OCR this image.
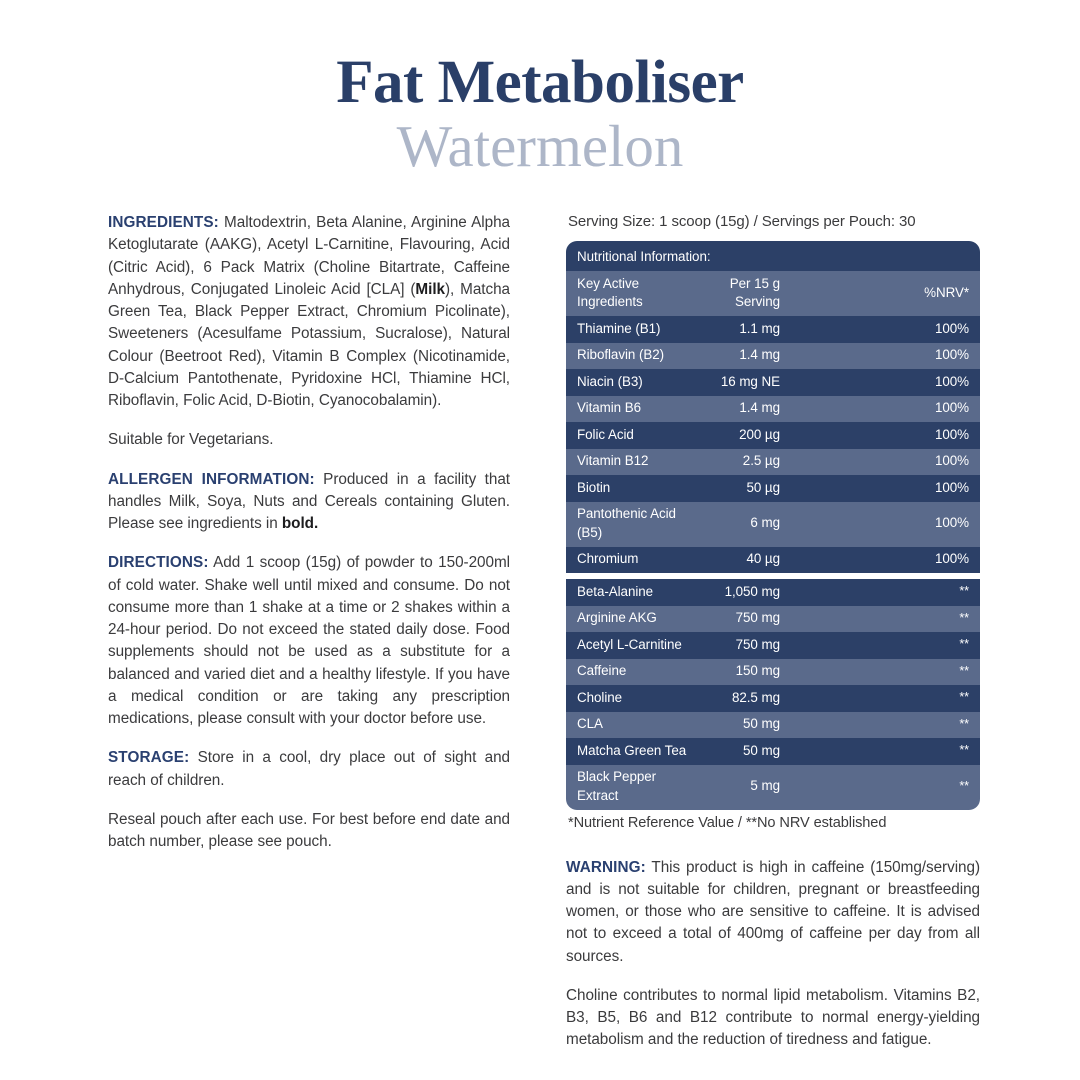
Fat Metaboliser
Watermelon

INGREDIENTS: Maltodextrin, Beta Alanine, Arginine Alpha Ketoglutarate (AAKG), Acetyl L-Carnitine, Flavouring, Acid (Citric Acid), 6 Pack Matrix (Choline Bitartrate, Caffeine Anhydrous, Conjugated Linoleic Acid [CLA] (Milk), Matcha Green Tea, Black Pepper Extract, Chromium Picolinate), Sweeteners (Acesulfame Potassium, Sucralose), Natural Colour (Beetroot Red), Vitamin B Complex (Nicotinamide, D-Calcium Pantothenate, Pyridoxine HCl, Thiamine HCl, Riboflavin, Folic Acid, D-Biotin, Cyanocobalamin).

Suitable for Vegetarians.

ALLERGEN INFORMATION: Produced in a facility that handles Milk, Soya, Nuts and Cereals containing Gluten. Please see ingredients in bold.

DIRECTIONS: Add 1 scoop (15g) of powder to 150-200ml of cold water. Shake well until mixed and consume. Do not consume more than 1 shake at a time or 2 shakes within a 24-hour period. Do not exceed the stated daily dose. Food supplements should not be used as a substitute for a balanced and varied diet and a healthy lifestyle. If you have a medical condition or are taking any prescription medications, please consult with your doctor before use.

STORAGE: Store in a cool, dry place out of sight and reach of children.

Reseal pouch after each use. For best before end date and batch number, please see pouch.

Serving Size: 1 scoop (15g) / Servings per Pouch: 30
Nutritional Information:		
Key Active Ingredients	Per 15 g Serving	%NRV*
Thiamine (B1)	1.1 mg	100%
Riboflavin (B2)	1.4 mg	100%
Niacin (B3)	16 mg NE	100%
Vitamin B6	1.4 mg	100%
Folic Acid	200 µg	100%
Vitamin B12	2.5 µg	100%
Biotin	50 µg	100%
Pantothenic Acid (B5)	6 mg	100%
Chromium	40 µg	100%

Beta-Alanine	1,050 mg	**
Arginine AKG	750 mg	**
Acetyl L-Carnitine	750 mg	**
Caffeine	150 mg	**
Choline	82.5 mg	**
CLA	50 mg	**
Matcha Green Tea	50 mg	**
Black Pepper Extract	5 mg	**
*Nutrient Reference Value / **No NRV established

WARNING: This product is high in caffeine (150mg/serving) and is not suitable for children, pregnant or breastfeeding women, or those who are sensitive to caffeine. It is advised not to exceed a total of 400mg of caffeine per day from all sources.

Choline contributes to normal lipid metabolism. Vitamins B2, B3, B5, B6 and B12 contribute to normal energy-yielding metabolism and the reduction of tiredness and fatigue.
